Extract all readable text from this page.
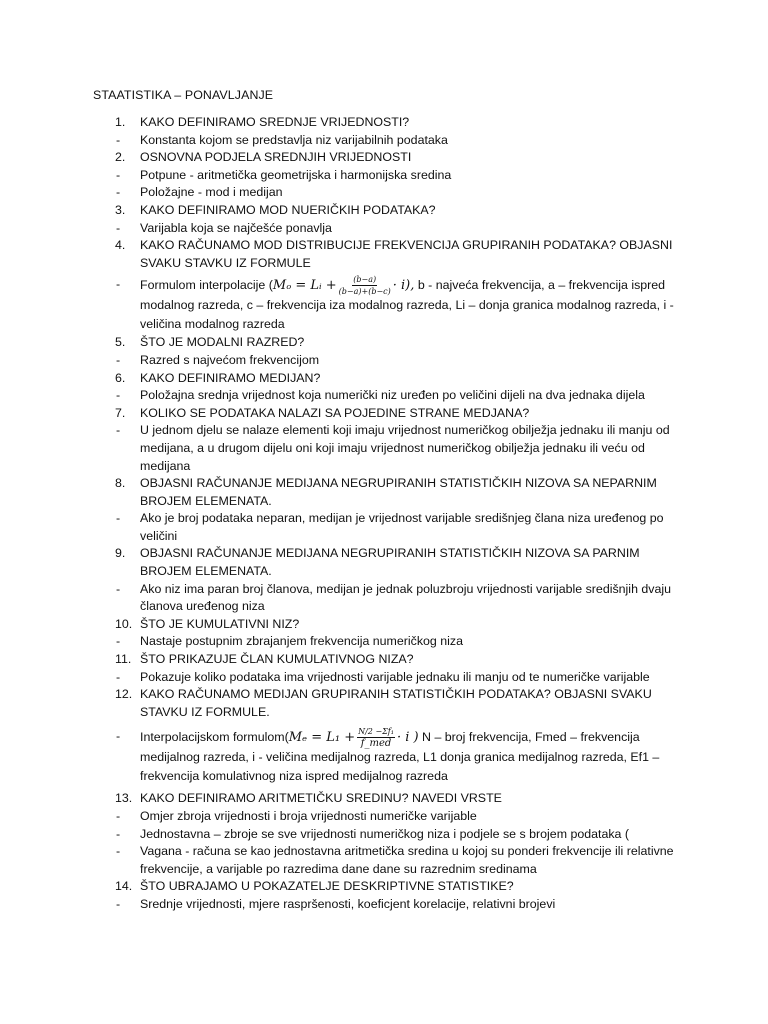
STAATISTIKA – PONAVLJANJE
1.	KAKO DEFINIRAMO SREDNJE VRIJEDNOSTI?
-	Konstanta kojom se predstavlja niz varijabilnih podataka
2.	OSNOVNA PODJELA SREDNJIH VRIJEDNOSTI
-	Potpune - aritmetička geometrijska i harmonijska sredina
-	Položajne - mod i medijan
3.	KAKO DEFINIRAMO MOD NUERIČKIH PODATAKA?
-	Varijabla koja se najčešće ponavlja
4.	KAKO RAČUNAMO MOD DISTRIBUCIJE FREKVENCIJA GRUPIRANIH PODATAKA? OBJASNI SVAKU STAVKU IZ FORMULE
-	Formulom interpolacije (Mₒ = Lᵢ + $\frac{(b-a)}{(b-a)+(b-c)} \cdot i$), b - najveća frekvencija, a – frekvencija ispred modalnog razreda, c – frekvencija iza modalnog razreda, Li – donja granica modalnog razreda, i - veličina modalnog razreda
5.	ŠTO JE MODALNI RAZRED?
-	Razred s najvećom frekvencijom
6.	KAKO DEFINIRAMO MEDIJAN?
-	Položajna srednja vrijednost koja numerički niz uređen po veličini dijeli na dva jednaka dijela
7.	KOLIKO SE PODATAKA NALAZI SA POJEDINE STRANE MEDJANA?
-	U jednom djelu se nalaze elementi koji imaju vrijednost numeričkog obilježja jednaku ili manju od medijana, a u drugom dijelu oni koji imaju vrijednost numeričkog obilježja jednaku ili veću od medijana
8.	OBJASNI RAČUNANJE MEDIJANA NEGRUPIRANIH STATISTIČKIH NIZOVA SA NEPARNIM BROJEM ELEMENATA.
-	Ako je broj podataka neparan, medijan je vrijednost varijable središnjeg člana niza uređenog po veličini
9.	OBJASNI RAČUNANJE MEDIJANA NEGRUPIRANIH STATISTIČKIH NIZOVA SA PARNIM BROJEM ELEMENATA.
-	Ako niz ima paran broj članova, medijan je jednak poluzbroju vrijednosti varijable središnjih dvaju članova uređenog niza
10. ŠTO JE KUMULATIVNI NIZ?
-	Nastaje postupnim zbrajanjem frekvencija numeričkog niza
11. ŠTO PRIKAZUJE ČLAN KUMULATIVNOG NIZA?
-	Pokazuje koliko podataka ima vrijednosti varijable jednaku ili manju od te numeričke varijable
12. KAKO RAČUNAMO MEDIJAN GRUPIRANIH STATISTIČKIH PODATAKA? OBJASNI SVAKU STAVKU IZ FORMULE.
-	Interpolacijskom formulom(Mₑ = $L_1 + \frac{\text{N/2 −Σf₁}}{\text{f\_med}} \cdot i$ ) N – broj frekvencija, Fmed – frekvencija medijalnog razreda, i - veličina medijalnog razreda, L1 donja granica medijalnog razreda, Ef1 – frekvencija komulativnog niza ispred medijalnog razreda
13. KAKO DEFINIRAMO ARITMETIČKU SREDINU? NAVEDI VRSTE
-	Omjer zbroja vrijednosti i broja vrijednosti numeričke varijable
-	Jednostavna – zbroje se sve vrijednosti numeričkog niza i podjele se s brojem podataka (
-	Vagana - računa se kao jednostavna aritmetička sredina u kojoj su ponderi frekvencije ili relativne frekvencije, a varijable po razredima dane dane su razrednim sredinama
14. ŠTO UBRAJAMO U POKAZATELJE DESKRIPTIVNE STATISTIKE?
-	Srednje vrijednosti, mjere raspršenosti, koeficjent korelacije, relativni brojevi
